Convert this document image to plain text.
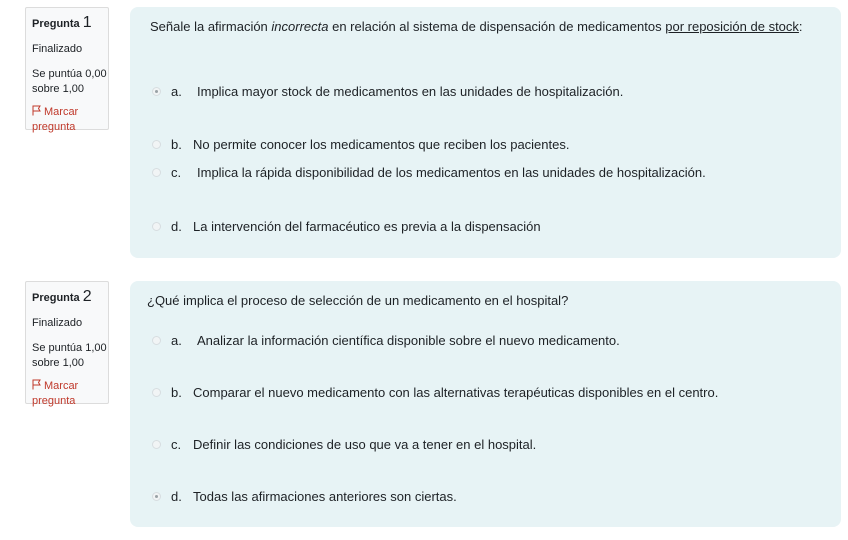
Pregunta 1
Finalizado
Se puntúa 0,00 sobre 1,00
Marcar pregunta
Señale la afirmación incorrecta en relación al sistema de dispensación de medicamentos por reposición de stock:
a.	Implica mayor stock de medicamentos en las unidades de hospitalización.
b. No permite conocer los medicamentos que reciben los pacientes.
c.	Implica la rápida disponibilidad de los medicamentos en las unidades de hospitalización.
d. La intervención del farmacéutico es previa a la dispensación
Pregunta 2
Finalizado
Se puntúa 1,00 sobre 1,00
Marcar pregunta
¿Qué implica el proceso de selección de un medicamento en el hospital?
a.	Analizar la información científica disponible sobre el nuevo medicamento.
b. Comparar el nuevo medicamento con las alternativas terapéuticas disponibles en el centro.
c. Definir las condiciones de uso que va a tener en el hospital.
d. Todas las afirmaciones anteriores son ciertas.
